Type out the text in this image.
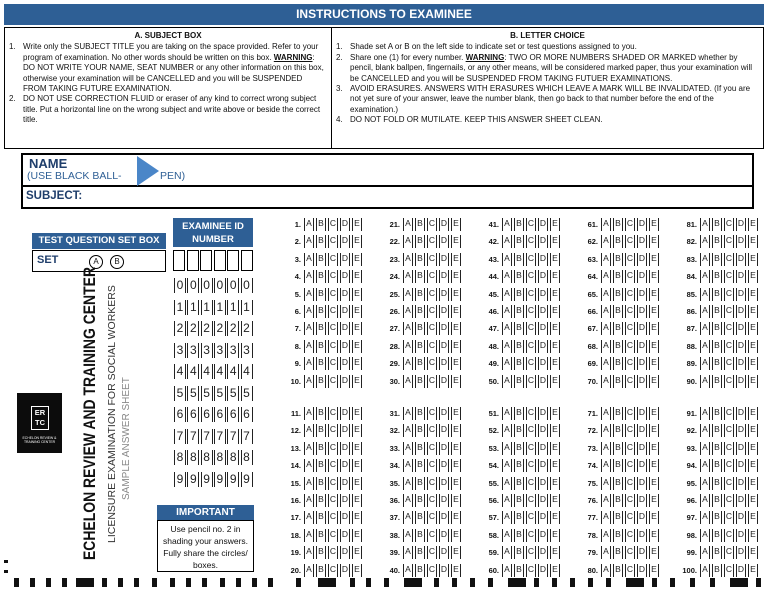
INSTRUCTIONS TO EXAMINEE
A. SUBJECT BOX
1. Write only the SUBJECT TITLE you are taking on the space provided. Refer to your program of examination. No other words should be written on this box. WARNING: DO NOT WRITE YOUR NAME, SEAT NUMBER or any other information on this box, otherwise your examination will be CANCELLED and you will be SUSPENDED FROM TAKING FUTURE EXAMINATION.
2. DO NOT USE CORRECTION FLUID or eraser of any kind to correct wrong subject title. Put a horizontal line on the wrong subject and write above or beside the correct title.
B. LETTER CHOICE
1. Shade set A or B on the left side to indicate set or test questions assigned to you.
2. Share one (1) for every number. WARNING: TWO OR MORE NUMBERS SHADED OR MARKED whether by pencil, blank ballpen, fingernails, or any other means, will be considered marked paper, thus your examination will be CANCELLED and you will be SUSPENDED FROM TAKING FUTUER EXAMINATIONS.
3. AVOID ERASURES. ANSWERS WITH ERASURES WHICH LEAVE A MARK WILL BE INVALIDATED. (If you are not yet sure of your answer, leave the number blank, then go back to that number before the end of the examination.)
4. DO NOT FOLD OR MUTILATE. KEEP THIS ANSWER SHEET CLEAN.
NAME
(USE BLACK BALL-	PEN)
SUBJECT:
TEST QUESTION SET BOX
SET	A	B
EXAMINEE ID
NUMBER
0 0 0 0 0 0
1 1 1 1 1 1
2 2 2 2 2 2
3 3 3 3 3 3
4 4 4 4 4 4
5 5 5 5 5 5
6 6 6 6 6 6
7 7 7 7 7 7
8 8 8 8 8 8
9 9 9 9 9 9
IMPORTANT
Use pencil no. 2 in
shading your answers.
Fully share the circles/
boxes.
ECHELON REVIEW AND TRAINING CENTER LICENSURE EXAMINATION FOR SOCIAL WORKERS SAMPLE ANSWER SHEET
ER
TC
ECHELON REVIEW & TRAINING CENTER
1. A B C D E
2. A B C D E
3. A B C D E
4. A B C D E
5. A B C D E
6. A B C D E
7. A B C D E
8. A B C D E
9. A B C D E
10. A B C D E
11. A B C D E
12. A B C D E
13. A B C D E
14. A B C D E
15. A B C D E
16. A B C D E
17. A B C D E
18. A B C D E
19. A B C D E
20. A B C D E
21. A B C D E
22. A B C D E
23. A B C D E
24. A B C D E
25. A B C D E
26. A B C D E
27. A B C D E
28. A B C D E
29. A B C D E
30. A B C D E
31. A B C D E
32. A B C D E
33. A B C D E
34. A B C D E
35. A B C D E
36. A B C D E
37. A B C D E
38. A B C D E
39. A B C D E
40. A B C D E
41. A B C D E
42. A B C D E
43. A B C D E
44. A B C D E
45. A B C D E
46. A B C D E
47. A B C D E
48. A B C D E
49. A B C D E
50. A B C D E
51. A B C D E
52. A B C D E
53. A B C D E
54. A B C D E
55. A B C D E
56. A B C D E
57. A B C D E
58. A B C D E
59. A B C D E
60. A B C D E
61. A B C D E
62. A B C D E
63. A B C D E
64. A B C D E
65. A B C D E
66. A B C D E
67. A B C D E
68. A B C D E
69. A B C D E
70. A B C D E
71. A B C D E
72. A B C D E
73. A B C D E
74. A B C D E
75. A B C D E
76. A B C D E
77. A B C D E
78. A B C D E
79. A B C D E
80. A B C D E
81. A B C D E
82. A B C D E
83. A B C D E
84. A B C D E
85. A B C D E
86. A B C D E
87. A B C D E
88. A B C D E
89. A B C D E
90. A B C D E
91. A B C D E
92. A B C D E
93. A B C D E
94. A B C D E
95. A B C D E
96. A B C D E
97. A B C D E
98. A B C D E
99. A B C D E
100. A B C D E
